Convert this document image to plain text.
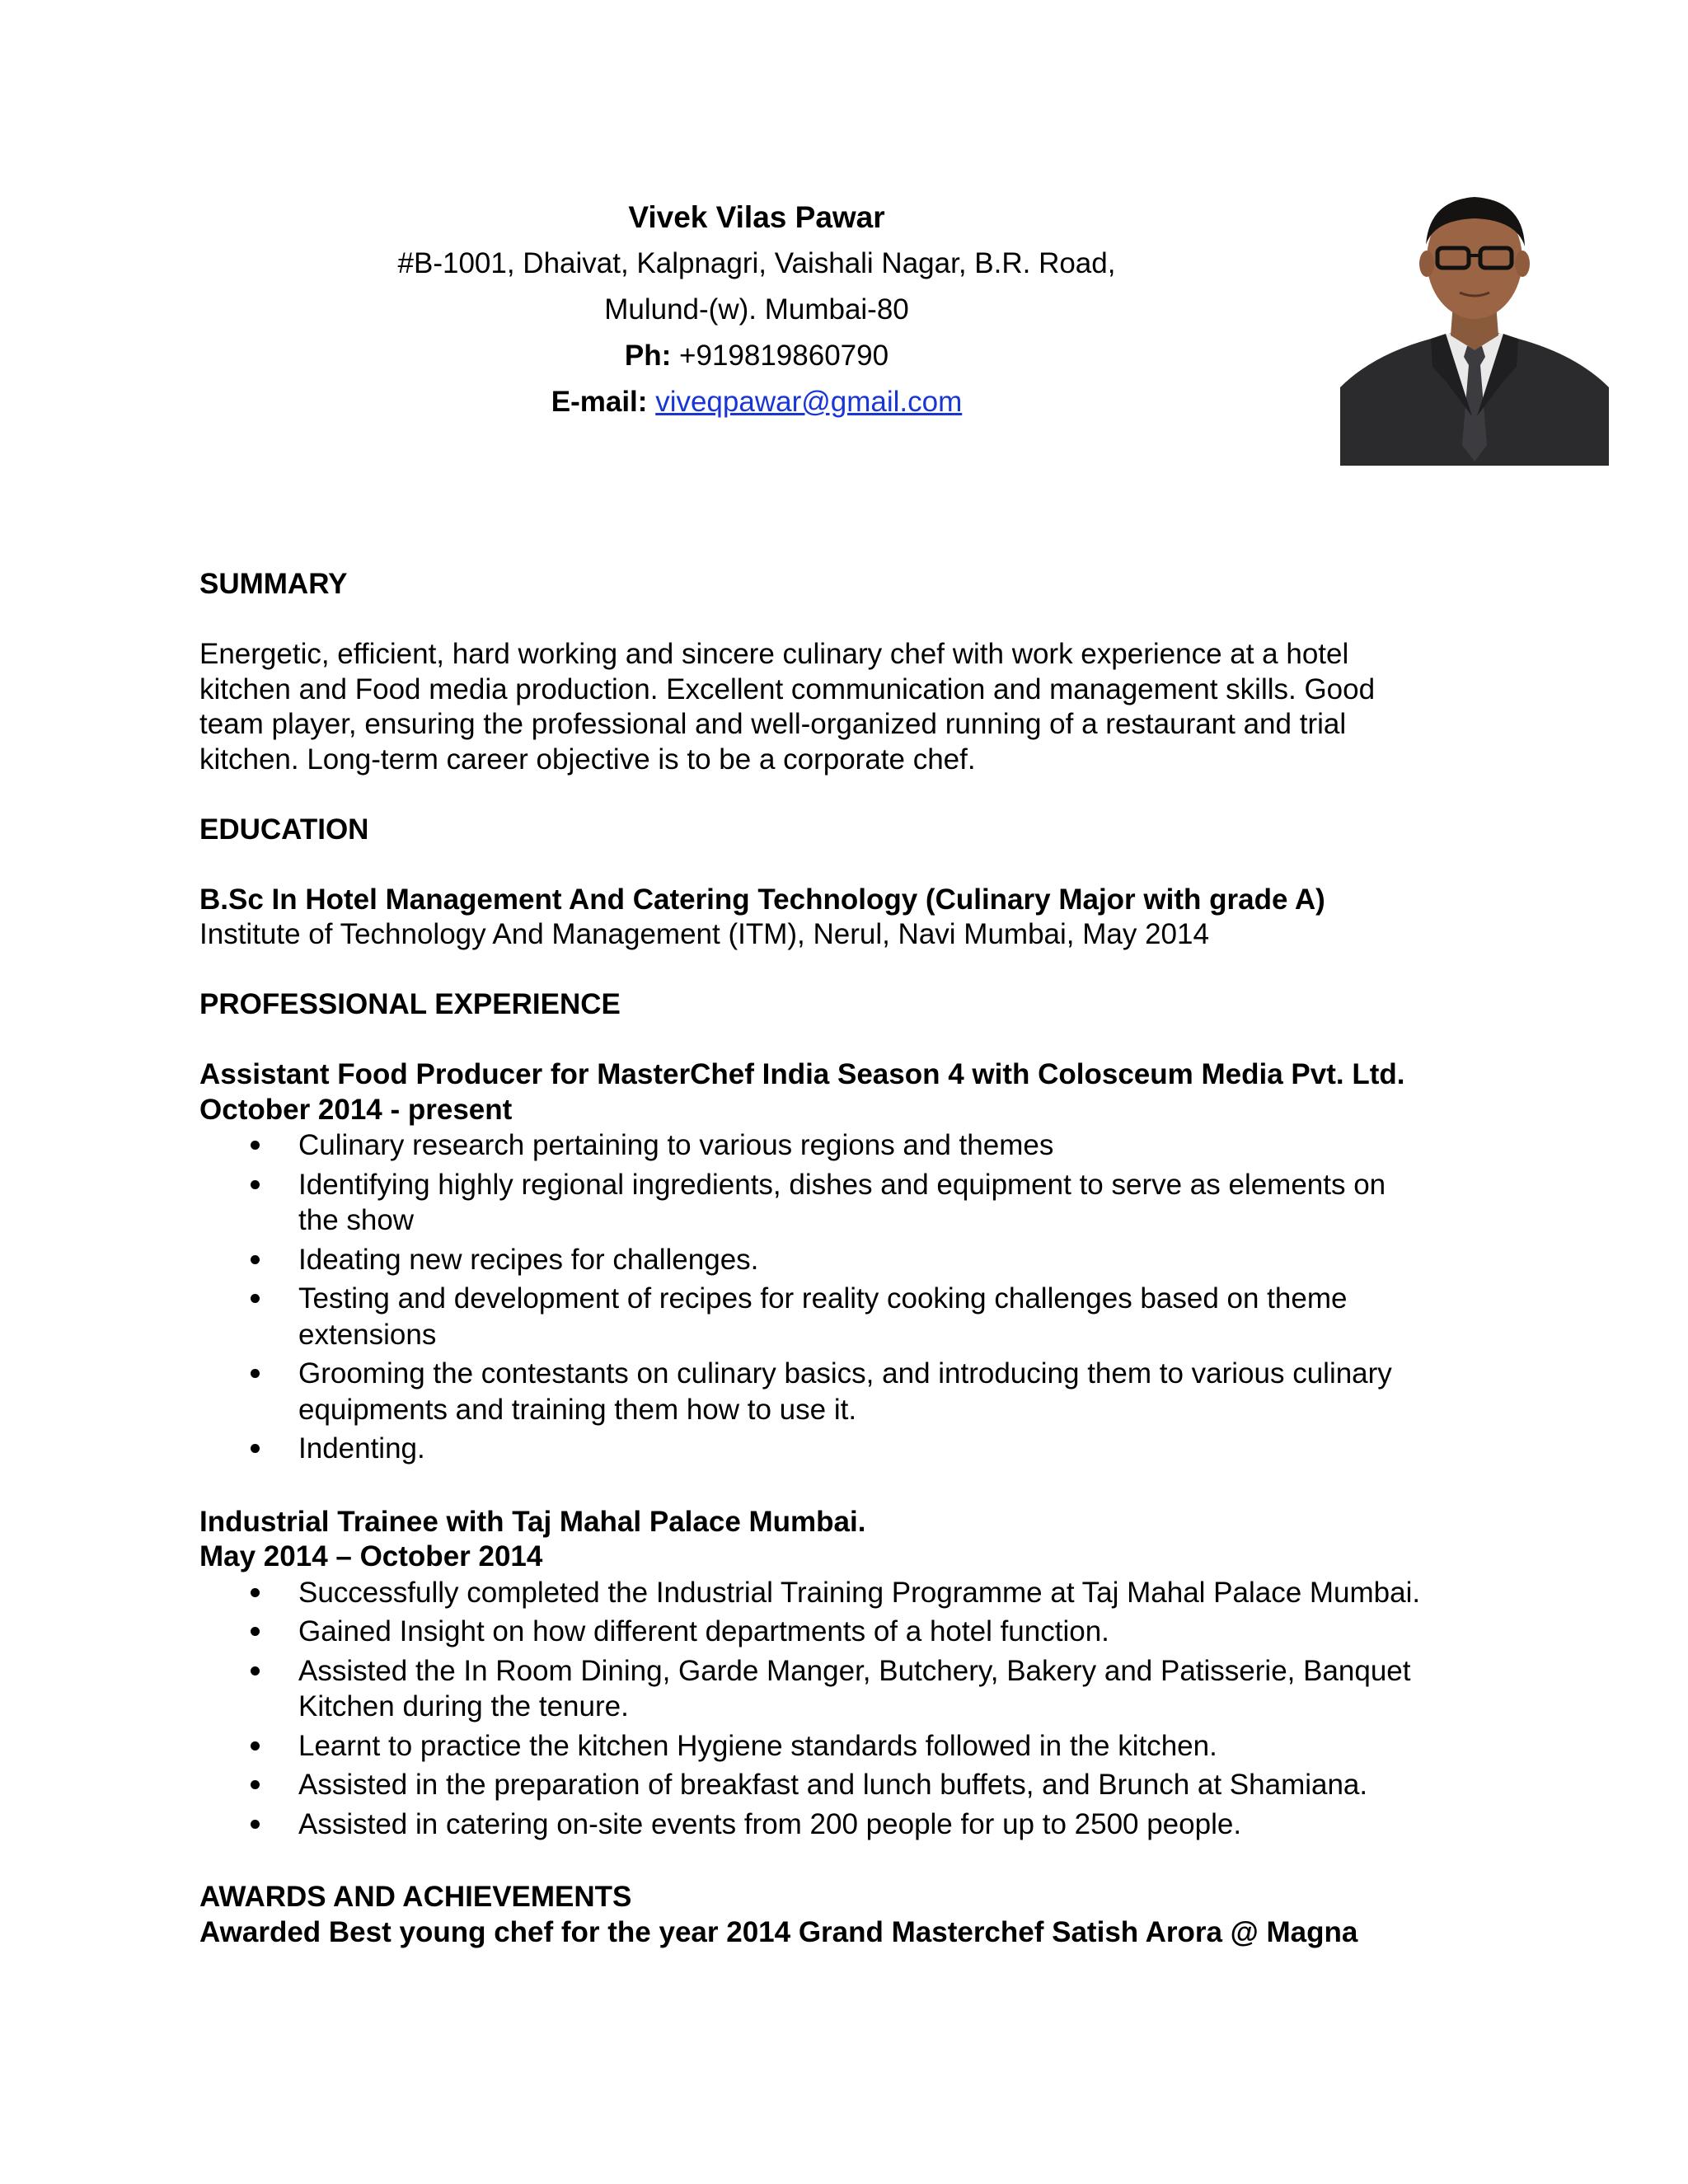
Vivek Vilas Pawar
#B-1001, Dhaivat, Kalpnagri, Vaishali Nagar, B.R. Road,
Mulund-(w). Mumbai-80
Ph: +919819860790
E-mail: viveqpawar@gmail.com
SUMMARY
Energetic, efficient, hard working and sincere culinary chef with work experience at a hotel
kitchen and Food media production. Excellent communication and management skills. Good
team player, ensuring the professional and well-organized running of a restaurant and trial
kitchen. Long-term career objective is to be a corporate chef.
EDUCATION
B.Sc In Hotel Management And Catering Technology (Culinary Major with grade A)
Institute of Technology And Management (ITM), Nerul, Navi Mumbai, May 2014
PROFESSIONAL EXPERIENCE
Assistant Food Producer for MasterChef India Season 4 with Colosceum Media Pvt. Ltd.
October 2014 - present
Culinary research pertaining to various regions and themes
Identifying highly regional ingredients, dishes and equipment to serve as elements on
the show
Ideating new recipes for challenges.
Testing and development of recipes for reality cooking challenges based on theme
extensions
Grooming the contestants on culinary basics, and introducing them to various culinary
equipments and training them how to use it.
Indenting.
Industrial Trainee with Taj Mahal Palace Mumbai.
May 2014 – October 2014
Successfully completed the Industrial Training Programme at Taj Mahal Palace Mumbai.
Gained Insight on how different departments of a hotel function.
Assisted the In Room Dining, Garde Manger, Butchery, Bakery and Patisserie, Banquet
Kitchen during the tenure.
Learnt to practice the kitchen Hygiene standards followed in the kitchen.
Assisted in the preparation of breakfast and lunch buffets, and Brunch at Shamiana.
Assisted in catering on-site events from 200 people for up to 2500 people.
AWARDS AND ACHIEVEMENTS
Awarded Best young chef for the year 2014 Grand Masterchef Satish Arora @ Magna
